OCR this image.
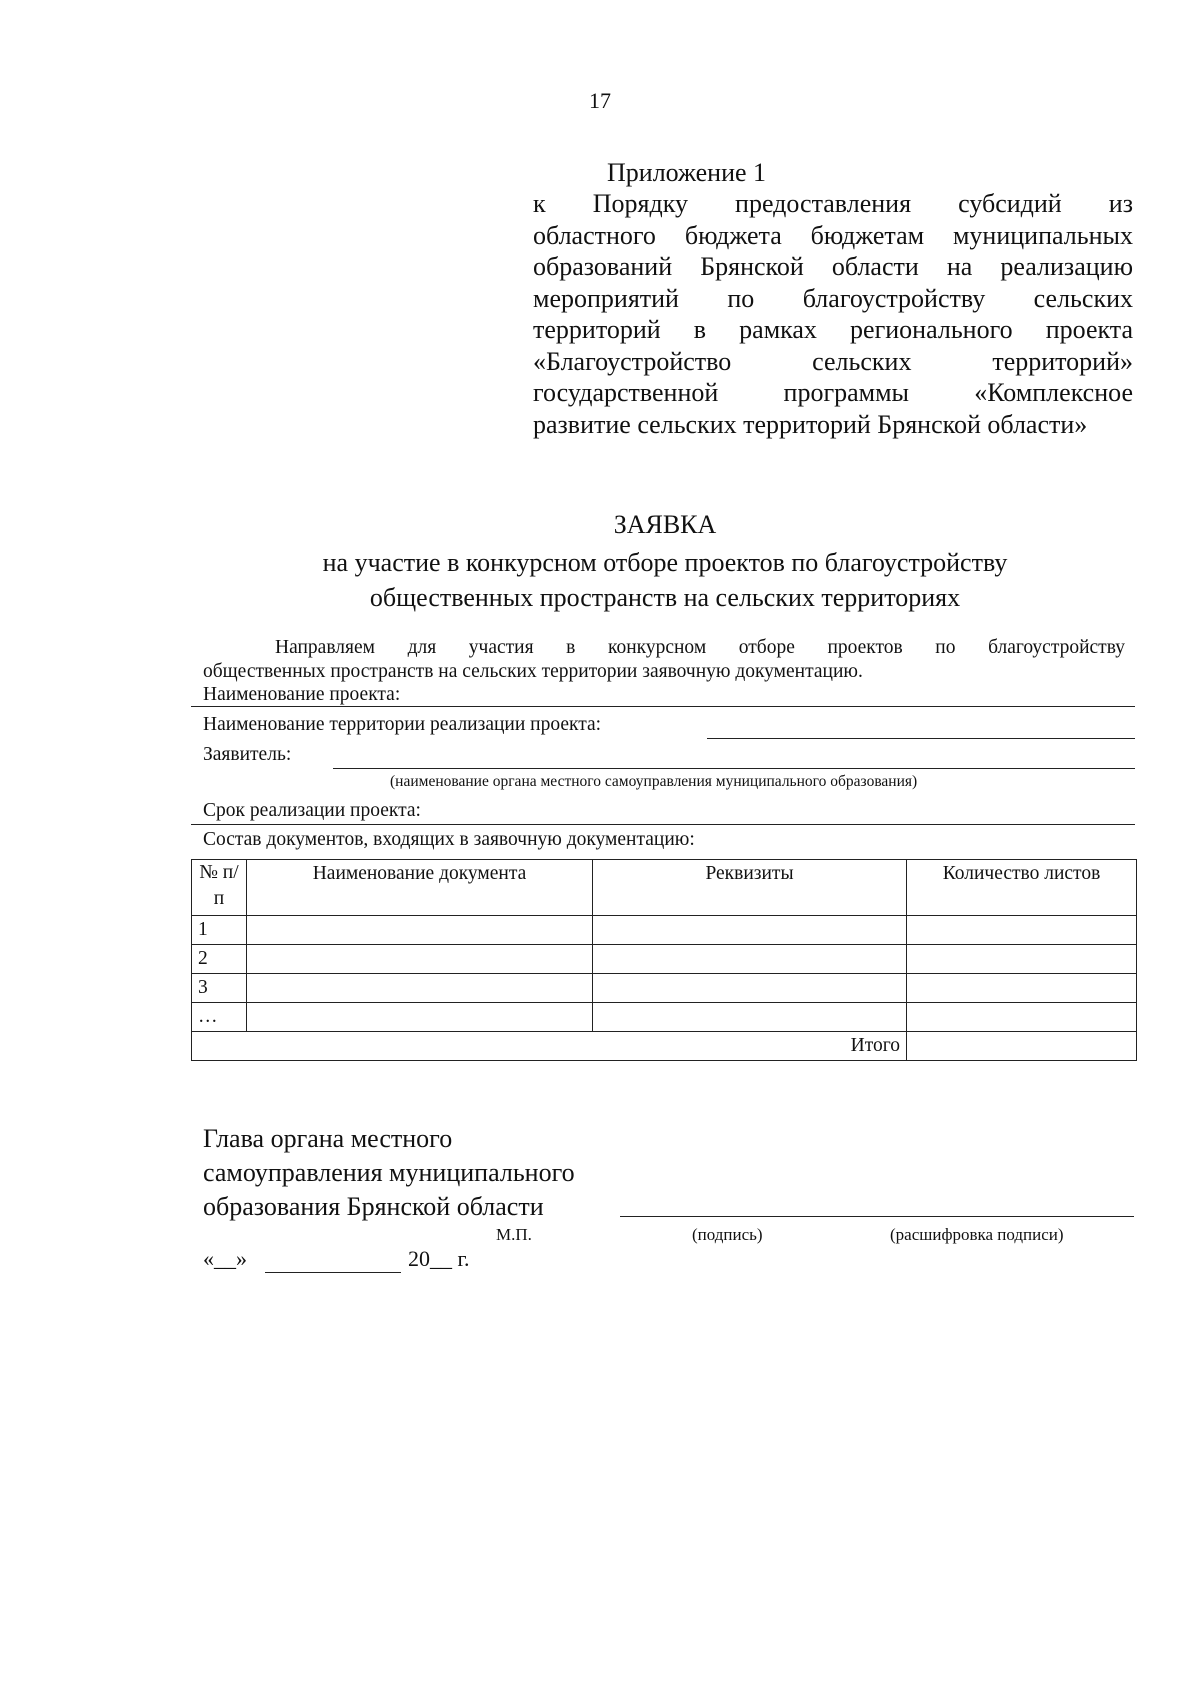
17
Приложение 1
к Порядку предоставления субсидий из
областного бюджета бюджетам муниципальных
образований Брянской области на реализацию
мероприятий по благоустройству сельских
территорий в рамках регионального проекта
«Благоустройство сельских территорий»
государственной программы «Комплексное
развитие сельских территорий Брянской области»
ЗАЯВКА
на участие в конкурсном отборе проектов по благоустройству общественных пространств на сельских территориях
Направляем для участия в конкурсном отборе проектов по благоустройству
общественных пространств на сельских территории заявочную документацию.
Наименование проекта:
Наименование территории реализации проекта:
Заявитель:
(наименование органа местного самоуправления муниципального образования)
Срок реализации проекта:
Состав документов, входящих в заявочную документацию:
№ п/п	Наименование документа	Реквизиты	Количество листов
1			
2			
3			
…			
Итого			
Глава органа местного
самоуправления муниципального
образования Брянской области
М.П.	(подпись)	(расшифровка подписи)
«__»	20__ г.
